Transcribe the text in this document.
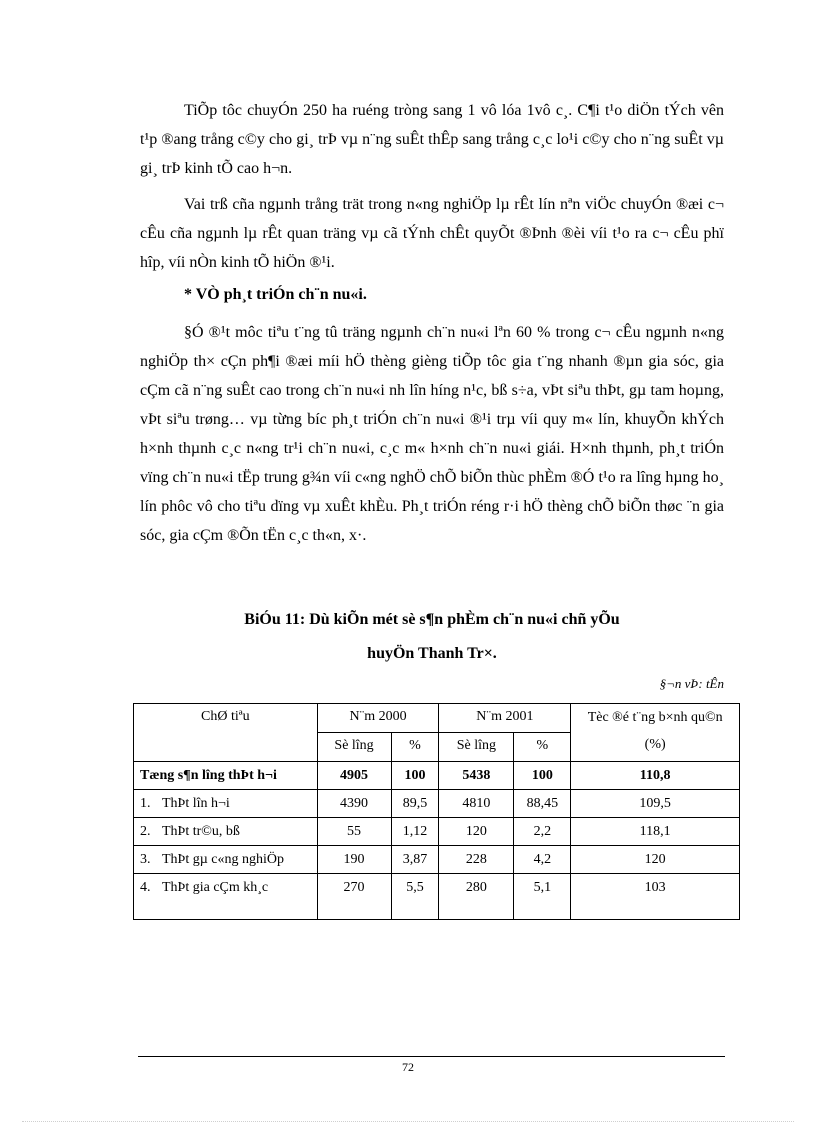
TiÕp tôc chuyÓn 250 ha ruéng tròng sang 1 vô lóa 1vô c¸. C¶i t¹o diÖn tÝch vên t¹p ®ang trång c©y cho gi¸ trÞ vµ n¨ng suÊt thÊp sang trång c¸c lo¹i c©y cho n¨ng suÊt vµ gi¸ trÞ kinh tÕ cao h¬n.

Vai trß cña ngµnh trång trät trong n«ng nghiÖp lµ rÊt lín nªn viÖc chuyÓn ®æi c¬ cÊu cña ngµnh lµ rÊt quan träng vµ cã tÝnh chÊt quyÕt ®Þnh ®èi víi t¹o ra c¬ cÊu phï hîp, víi nÒn kinh tÕ hiÖn ®¹i.

* VÒ ph¸t triÓn ch¨n nu«i.

§Ó ®¹t môc tiªu t¨ng tû träng ngµnh ch¨n nu«i lªn 60 % trong c¬ cÊu ngµnh n«ng nghiÖp th× cÇn ph¶i ®æi míi hÖ thèng gièng tiÕp tôc gia t¨ng nhanh ®µn gia sóc, gia cÇm cã n¨ng suÊt cao trong ch¨n nu«i nh lîn híng n¹c, bß s÷a, vÞt siªu thÞt, gµ tam hoµng, vÞt siªu trøng… vµ từng bíc ph¸t triÓn ch¨n nu«i ®¹i trµ víi quy m« lín, khuyÕn khÝch h×nh thµnh c¸c n«ng tr¹i ch¨n nu«i, c¸c m« h×nh ch¨n nu«i giái. H×nh thµnh, ph¸t triÓn vïng ch¨n nu«i tËp trung g¾n víi c«ng nghÖ chÕ biÕn thùc phÈm ®Ó t¹o ra lîng hµng ho¸ lín phôc vô cho tiªu dïng vµ xuÊt khÈu. Ph¸t triÓn réng r·i hÖ thèng chÕ biÕn thøc ¨n gia sóc, gia cÇm ®Õn tËn c¸c th«n, x·.

BiÓu 11: Dù kiÕn mét sè s¶n phÈm ch¨n nu«i chñ yÕu

huyÖn Thanh Tr×.

§¬n vÞ: tÊn

ChØ tiªu	N¨m 2000		N¨m 2001		Tèc ®é t¨ng b×nh qu©n (%)
	Sè lîng	%	Sè lîng	%	
Tæng s¶n lîng thÞt h¬i	4905	100	5438	100	110,8
1. ThÞt lîn h¬i	4390	89,5	4810	88,45	109,5
2. ThÞt tr©u, bß	55	1,12	120	2,2	118,1
3. ThÞt gµ c«ng nghiÖp	190	3,87	228	4,2	120
4. ThÞt gia cÇm kh¸c	270	5,5	280	5,1	103
72
